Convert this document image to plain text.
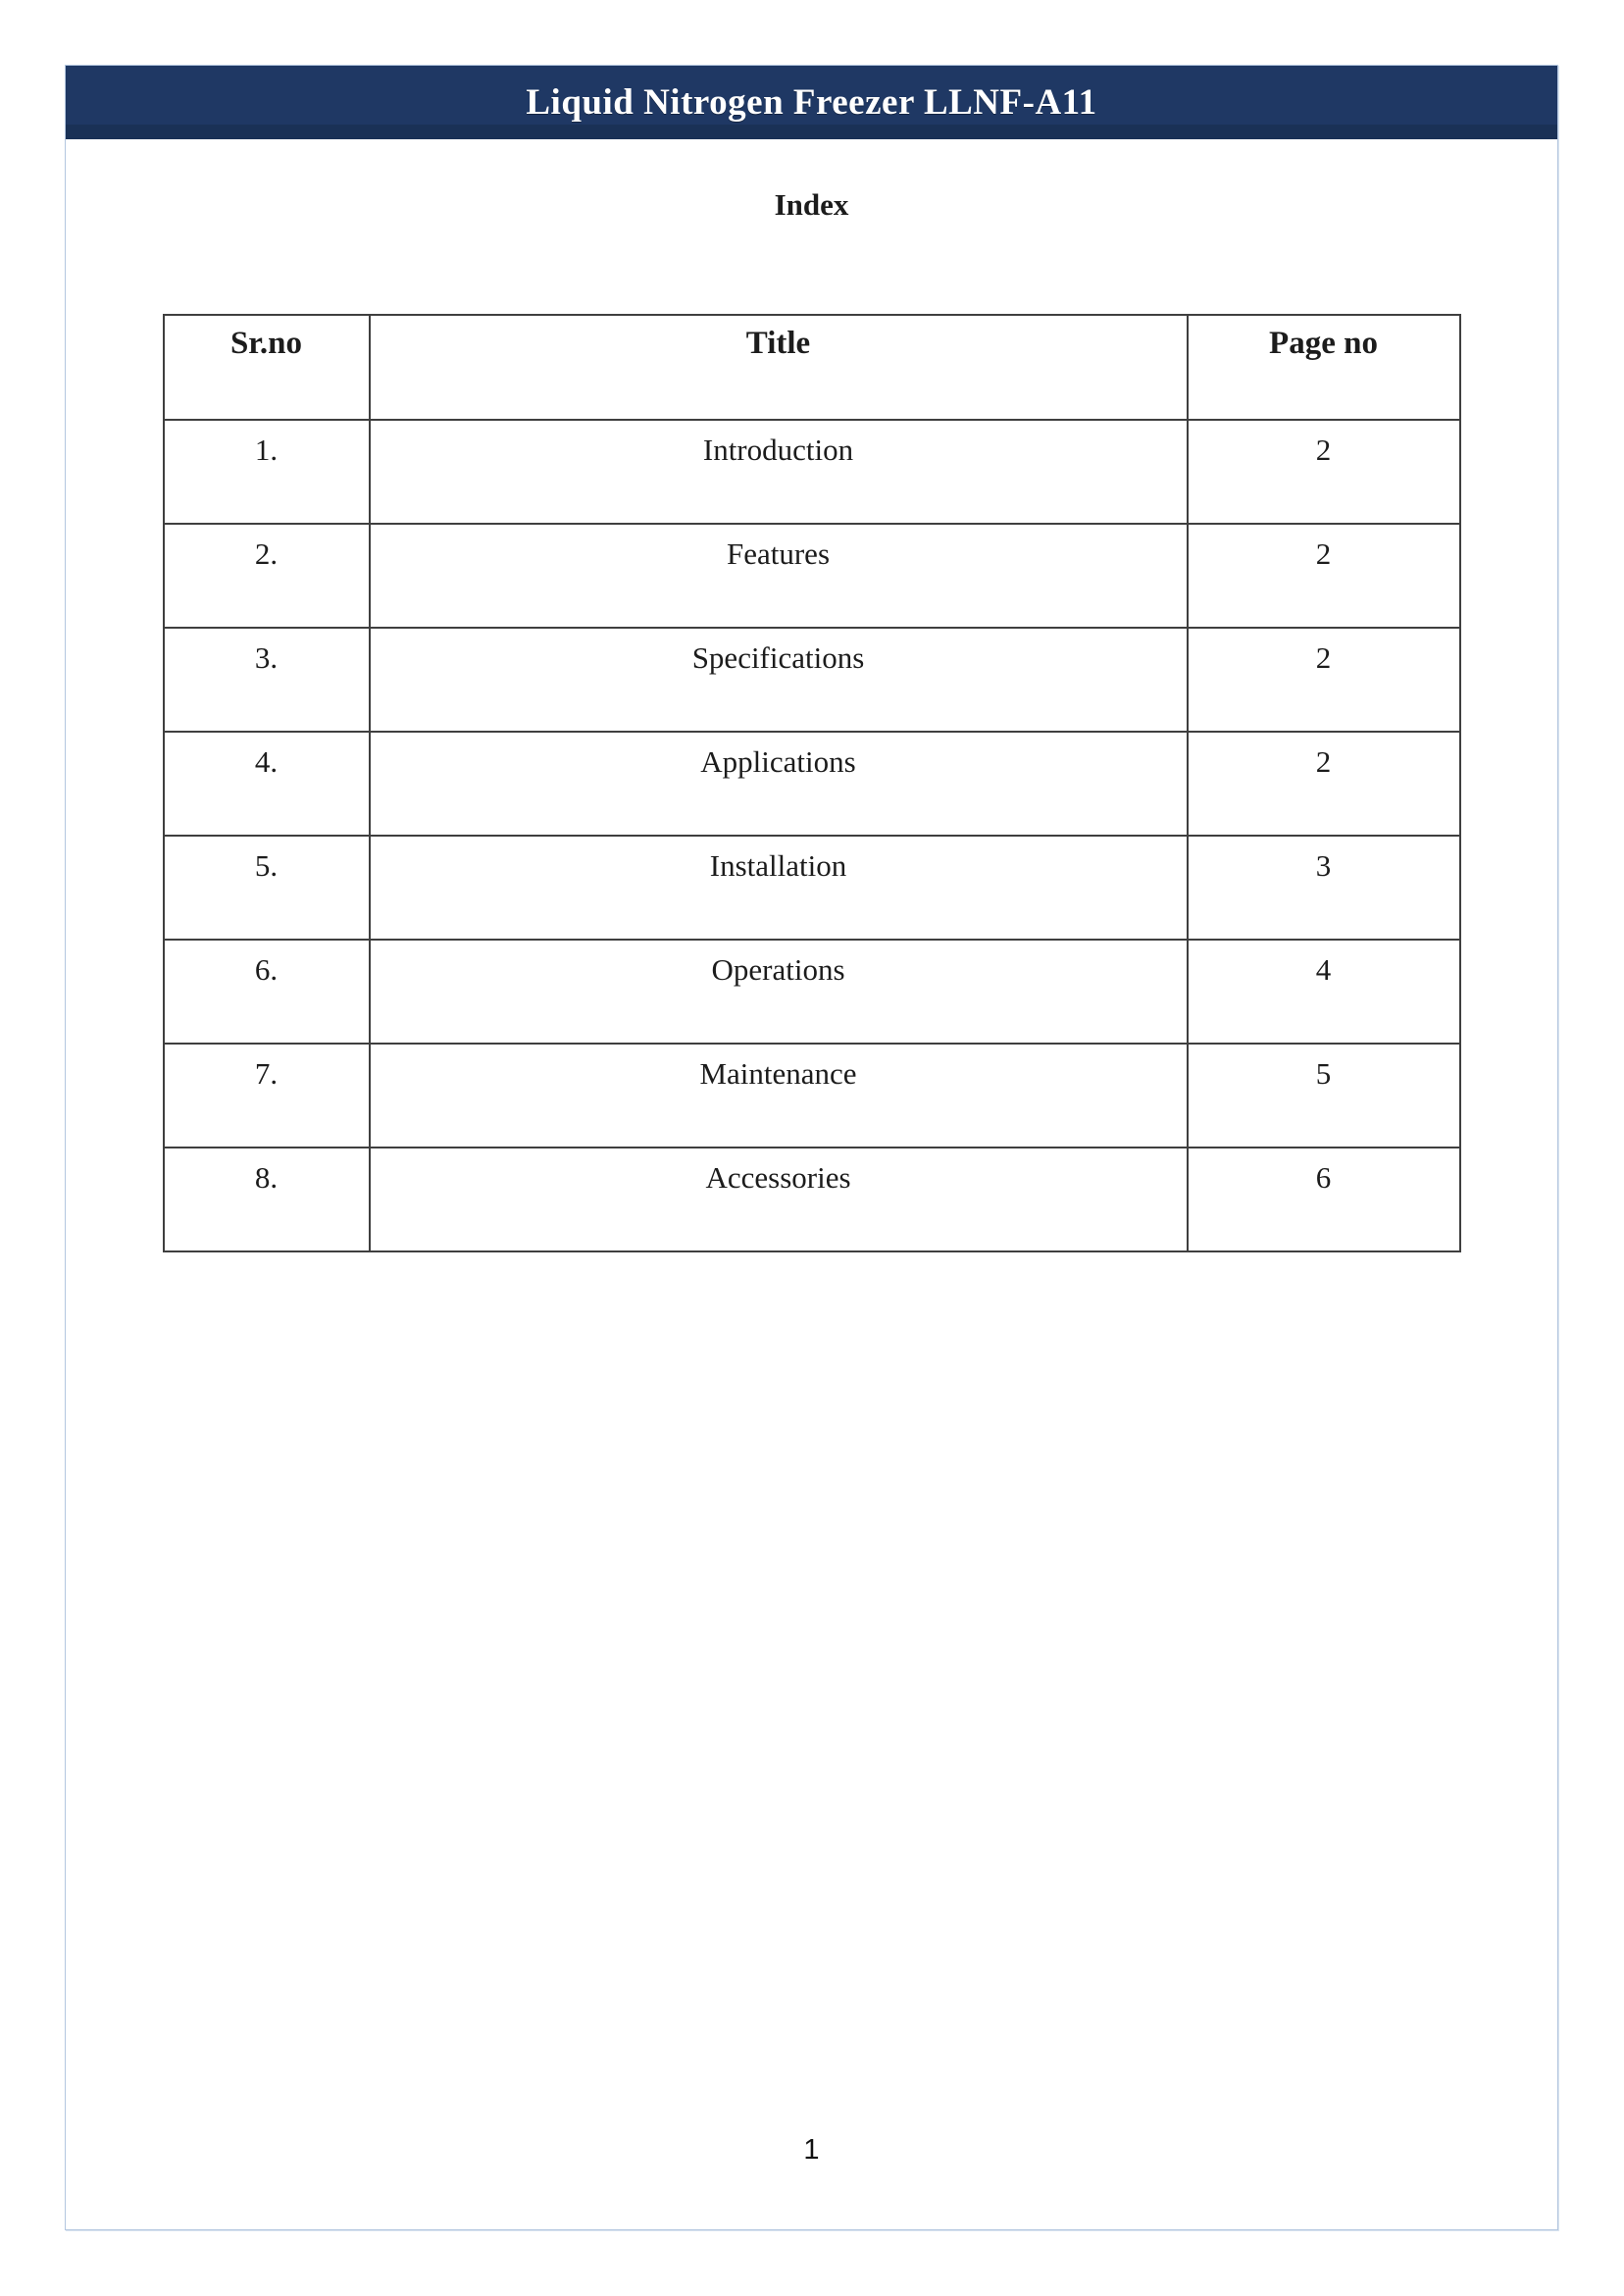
Liquid Nitrogen Freezer LLNF-A11
Index
Sr.no	Title	Page no
1.	Introduction	2
2.	Features	2
3.	Specifications	2
4.	Applications	2
5.	Installation	3
6.	Operations	4
7.	Maintenance	5
8.	Accessories	6
1
